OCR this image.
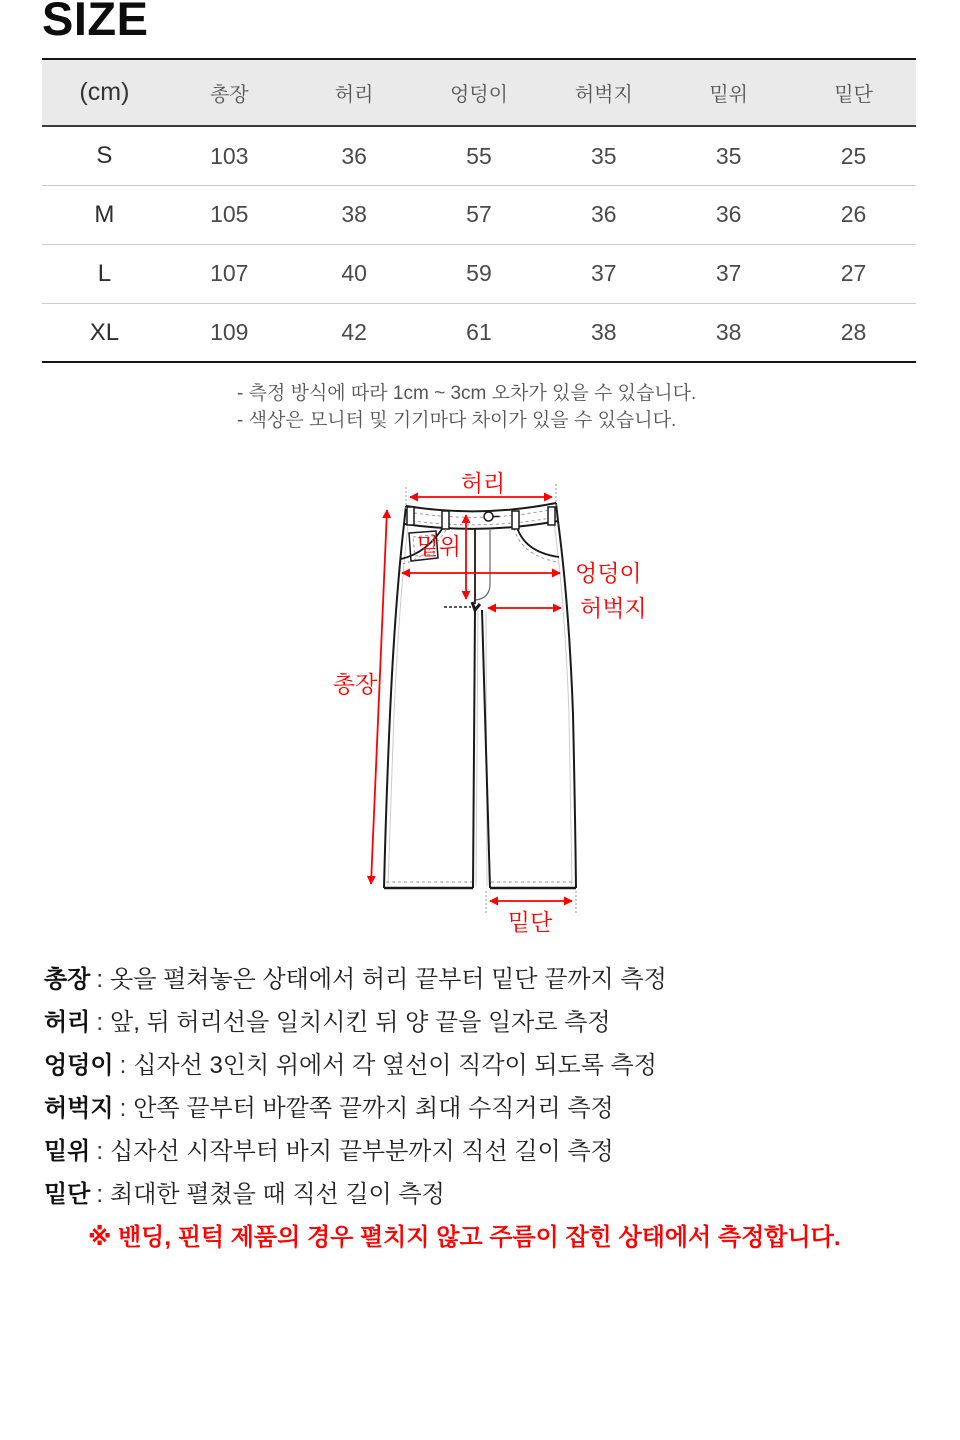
SIZE
(cm)	총장	허리	엉덩이	허벅지	밑위	밑단
S	103	36	55	35	35	25
M	105	38	57	36	36	26
L	107	40	59	37	37	27
XL	109	42	61	38	38	28

- 측정 방식에 따라 1cm ~ 3cm 오차가 있을 수 있습니다.

- 색상은 모니터 및 기기마다 차이가 있을 수 있습니다.

허리
밑위
엉덩이
허벅지
총장
밑단

총장 : 옷을 펼쳐놓은 상태에서 허리 끝부터 밑단 끝까지 측정

허리 : 앞, 뒤 허리선을 일치시킨 뒤 양 끝을 일자로 측정

엉덩이 : 십자선 3인치 위에서 각 옆선이 직각이 되도록 측정

허벅지 : 안쪽 끝부터 바깥쪽 끝까지 최대 수직거리 측정

밑위 : 십자선 시작부터 바지 끝부분까지 직선 길이 측정

밑단 : 최대한 펼쳤을 때 직선 길이 측정

※ 밴딩, 핀턱 제품의 경우 펼치지 않고 주름이 잡힌 상태에서 측정합니다.
